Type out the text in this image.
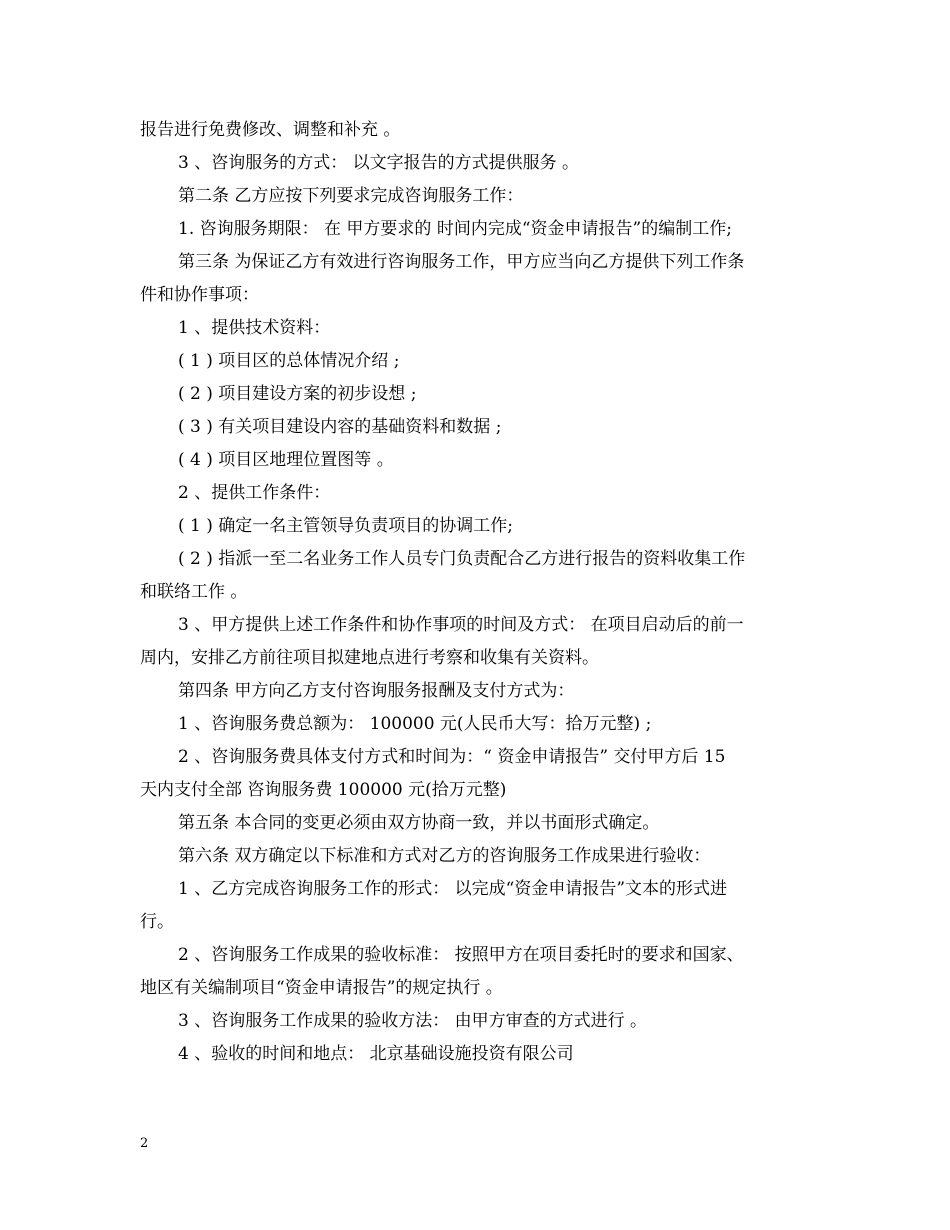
报告进行免费修改、调整和补充 。
3 、咨询服务的方式： 以文字报告的方式提供服务 。
第二条 乙方应按下列要求完成咨询服务工作：
1. 咨询服务期限： 在 甲方要求的 时间内完成“资金申请报告”的编制工作;
第三条 为保证乙方有效进行咨询服务工作，甲方应当向乙方提供下列工作条
件和协作事项：
1 、提供技术资料：
( 1 ) 项目区的总体情况介绍 ;
( 2 ) 项目建设方案的初步设想 ;
( 3 ) 有关项目建设内容的基础资料和数据 ;
( 4 ) 项目区地理位置图等 。
2 、提供工作条件：
( 1 ) 确定一名主管领导负责项目的协调工作;
( 2 ) 指派一至二名业务工作人员专门负责配合乙方进行报告的资料收集工作
和联络工作 。
3 、甲方提供上述工作条件和协作事项的时间及方式： 在项目启动后的前一
周内，安排乙方前往项目拟建地点进行考察和收集有关资料。
第四条 甲方向乙方支付咨询服务报酬及支付方式为：
1 、咨询服务费总额为： 100000 元(人民币大写：拾万元整) ;
2 、咨询服务费具体支付方式和时间为：“ 资金申请报告” 交付甲方后 15
天内支付全部 咨询服务费 100000 元(拾万元整)
第五条 本合同的变更必须由双方协商一致，并以书面形式确定。
第六条 双方确定以下标准和方式对乙方的咨询服务工作成果进行验收：
1 、乙方完成咨询服务工作的形式： 以完成“资金申请报告”文本的形式进
行。
2 、咨询服务工作成果的验收标准： 按照甲方在项目委托时的要求和国家、
地区有关编制项目“资金申请报告”的规定执行 。
3 、咨询服务工作成果的验收方法： 由甲方审查的方式进行 。
4 、验收的时间和地点： 北京基础设施投资有限公司
2
